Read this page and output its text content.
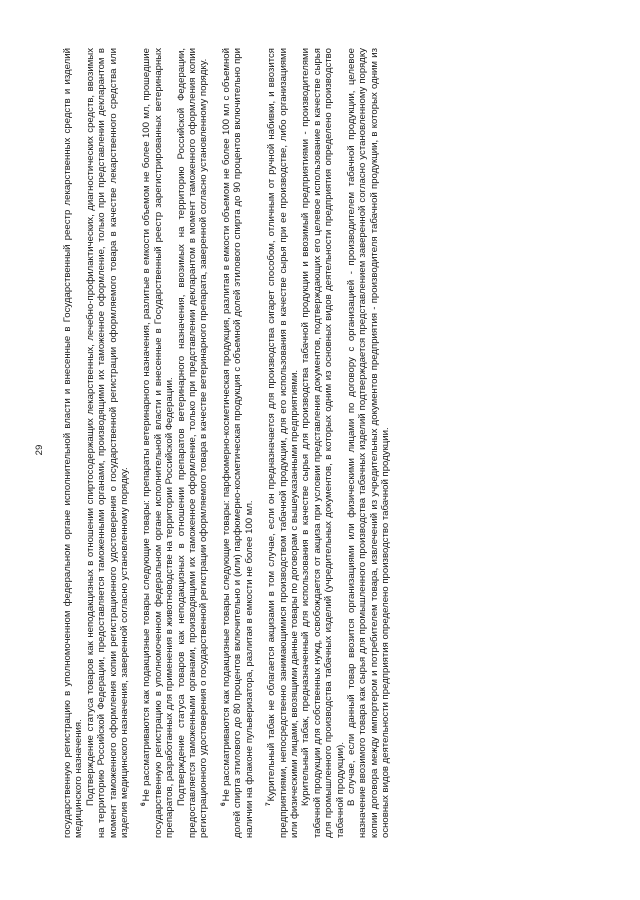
29 государственную регистрацию в уполномоченном федеральном органе исполнительной власти и внесенные в Государственный реестр лекарственных средств и изделий медицинского назначения. Подтверждение статуса товаров как неподакцизных в отношении спиртосодержащих лекарственных, лечебно-профилактических, диагностических средств, ввозимых на территорию Российской Федерации, предоставляется таможенными органами, производящими их таможенное оформление, только при представлении декларантом в момент таможенного оформления копии регистрационного удостоверения о государственной регистрации оформляемого товара в качестве лекарственного средства или изделия медицинского назначения, заверенной согласно установленному порядку. $^6$Не рассматриваются как подакцизные товары следующие товары: препараты ветеринарного назначения, разлитые в емкости объемом не более 100 мл, прошедшие государственную регистрацию в уполномоченном федеральном органе исполнительной власти и внесенные в Государственный реестр зарегистрированных ветеринарных препаратов, разработанных для применения в животноводстве на территории Российской Федерации. Подтверждение статуса товаров как неподакцизных в отношении препаратов ветеринарного назначения, ввозимых на территорию Российской Федерации, предоставляется таможенными органами, производящими их таможенное оформление, только при представлении декларантом в момент таможенного оформления копии регистрационного удостоверения о государственной регистрации оформляемого товара в качестве ветеринарного препарата, заверенной согласно установленному порядку. $^6$Не рассматриваются как подакцизные товары следующие товары: парфюмерно-косметическая продукция, разлитая в емкости объемом не более 100 мл с объемной долей спирта этилового до 80 процентов включительно и (или) парфюмерно-косметическая продукция с объемной долей этилового спирта до 90 процентов включительно при наличии на флаконе пульверизатора, разлитая в емкости не более 100 мл. $^7$Курительный табак не облагается акцизами в том случае, если он предназначается для производства сигарет способом, отличным от ручной набивки, и ввозится предприятиями, непосредственно занимающимися производством табачной продукции, для его использования в качестве сырья при ее производстве, либо организациями или физическими лицами, ввозящими данные товары по договорам с вышеуказанными предприятиями. Курительный табак, предназначенный для использования в качестве сырья для производства табачной продукции и ввозимый предприятиями - производителями табачной продукции для собственных нужд, освобождается от акциза при условии представления документов, подтверждающих его целевое использование в качестве сырья для промышленного производства табачных изделий (учредительных документов, в которых одним из основных видов деятельности предприятия определено производство табачной продукции). В случае, если данный товар ввозится организациями или физическими лицами по договору с организацией - производителем табачной продукции, целевое назначение ввозимого товара как сырья для промышленного производства табачных изделий подтверждается представлением заверенной согласно установленному порядку копии договора между импортером и потребителем товара, извлечений из учредительных документов предприятия - производителя табачной продукции, в которых одним из основных видов деятельности предприятия определено производство табачной продукции.
